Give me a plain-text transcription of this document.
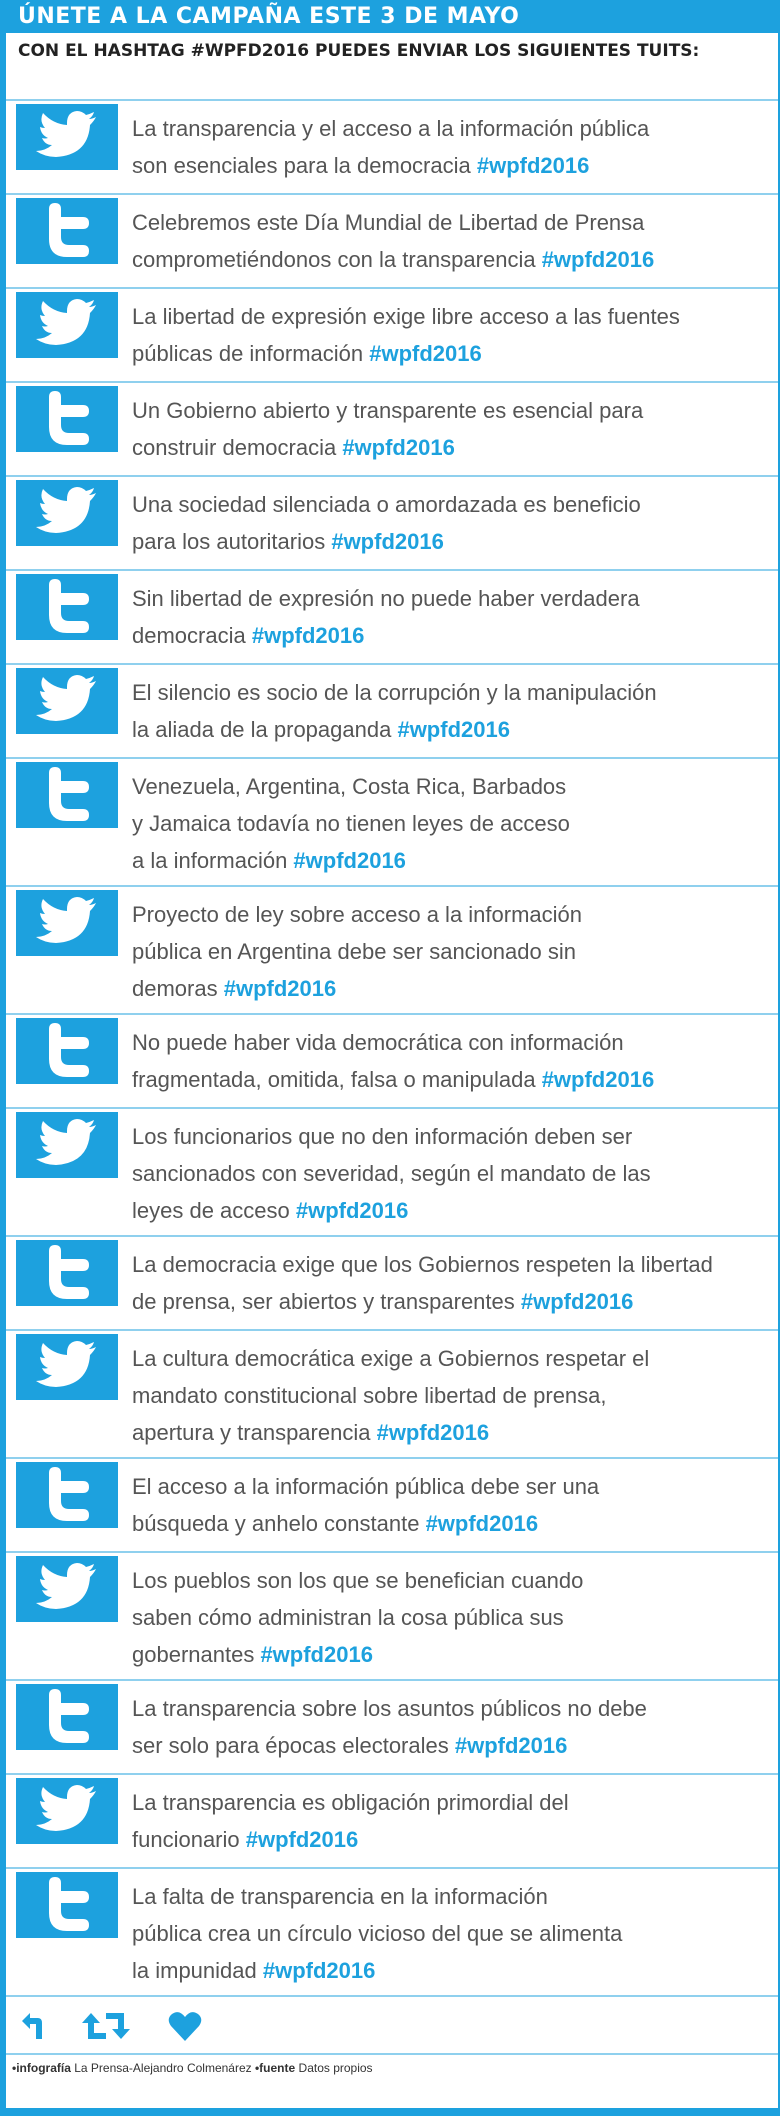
ÚNETE A LA CAMPAÑA ESTE 3 DE MAYO
CON EL HASHTAG #WPFD2016 PUEDES ENVIAR LOS SIGUIENTES TUITS:
La transparencia y el acceso a la información pública
son esenciales para la democracia #wpfd2016
Celebremos este Día Mundial de Libertad de Prensa
comprometiéndonos con la transparencia #wpfd2016
La libertad de expresión exige libre acceso a las fuentes
públicas de información #wpfd2016
Un Gobierno abierto y transparente es esencial para
construir democracia #wpfd2016
Una sociedad silenciada o amordazada es beneficio
para los autoritarios #wpfd2016
Sin libertad de expresión no puede haber verdadera
democracia #wpfd2016
El silencio es socio de la corrupción y la manipulación
la aliada de la propaganda #wpfd2016
Venezuela, Argentina, Costa Rica, Barbados
y Jamaica todavía no tienen leyes de acceso
a la información #wpfd2016
Proyecto de ley sobre acceso a la información
pública en Argentina debe ser sancionado sin
demoras #wpfd2016
No puede haber vida democrática con información
fragmentada, omitida, falsa o manipulada #wpfd2016
Los funcionarios que no den información deben ser
sancionados con severidad, según el mandato de las
leyes de acceso #wpfd2016
La democracia exige que los Gobiernos respeten la libertad
de prensa, ser abiertos y transparentes #wpfd2016
La cultura democrática exige a Gobiernos respetar el
mandato constitucional sobre libertad de prensa,
apertura y transparencia #wpfd2016
El acceso a la información pública debe ser una
búsqueda y anhelo constante #wpfd2016
Los pueblos son los que se benefician cuando
saben cómo administran la cosa pública sus
gobernantes #wpfd2016
La transparencia sobre los asuntos públicos no debe
ser solo para épocas electorales #wpfd2016
La transparencia es obligación primordial del
funcionario #wpfd2016
La falta de transparencia en la información
pública crea un círculo vicioso del que se alimenta
la impunidad #wpfd2016
•infografía La Prensa-Alejandro Colmenárez •fuente Datos propios
